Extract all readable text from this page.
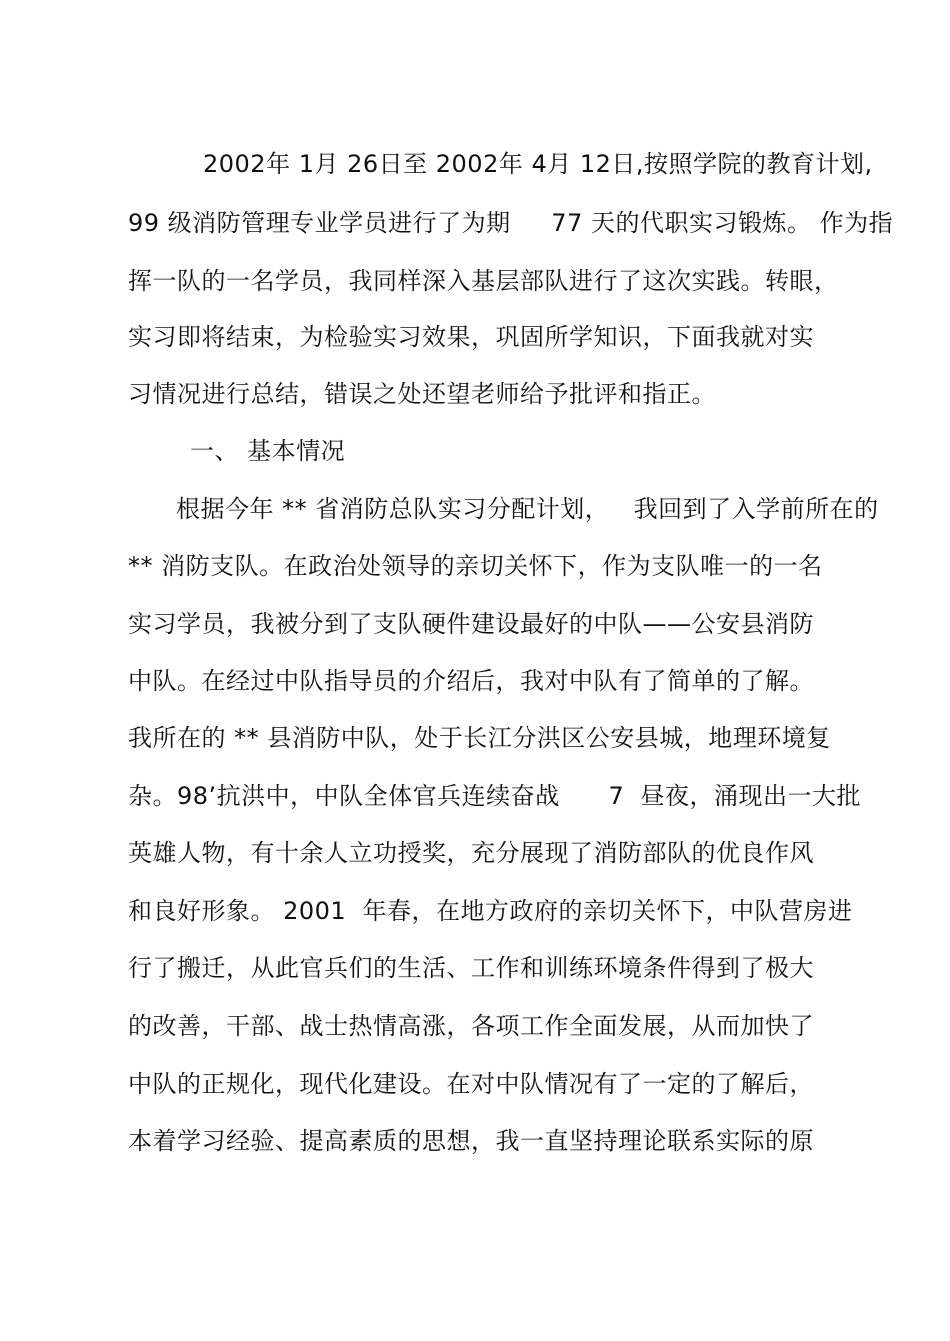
2002年 1月 26日至 2002年 4月 12日,按照学院的教育计划,
99 级消防管理专业学员进行了为期     77 天的代职实习锻炼。 作为指
挥一队的一名学员，我同样深入基层部队进行了这次实践。转眼，
实习即将结束，为检验实习效果，巩固所学知识，下面我就对实
习情况进行总结，错误之处还望老师给予批评和指正。
一、 基本情况
根据今年 ** 省消防总队实习分配计划，   我回到了入学前所在的
** 消防支队。在政治处领导的亲切关怀下，作为支队唯一的一名
实习学员，我被分到了支队硬件建设最好的中队——公安县消防
中队。在经过中队指导员的介绍后，我对中队有了简单的了解。
我所在的 ** 县消防中队，处于长江分洪区公安县城，地理环境复
杂。98’抗洪中，中队全体官兵连续奋战      7  昼夜，涌现出一大批
英雄人物，有十余人立功授奖，充分展现了消防部队的优良作风
和良好形象。 2001  年春，在地方政府的亲切关怀下，中队营房进
行了搬迁，从此官兵们的生活、工作和训练环境条件得到了极大
的改善，干部、战士热情高涨，各项工作全面发展，从而加快了
中队的正规化，现代化建设。在对中队情况有了一定的了解后，
本着学习经验、提高素质的思想，我一直坚持理论联系实际的原
